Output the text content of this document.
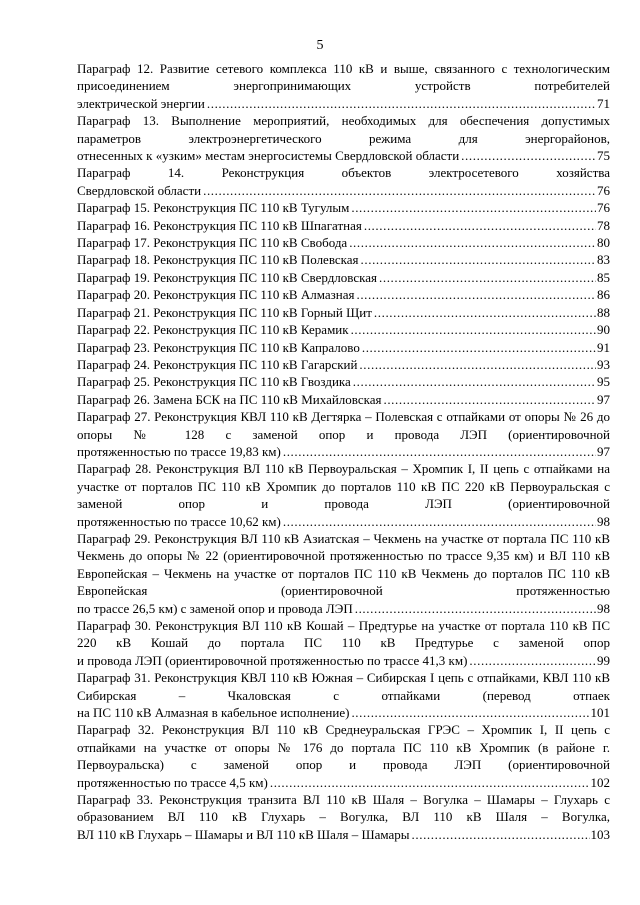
5
Параграф 12. Развитие сетевого комплекса 110 кВ и выше, связанного с технологическим присоединением энергопринимающих устройств потребителей
электрической энергии .....	71
Параграф 13. Выполнение мероприятий, необходимых для обеспечения допустимых параметров электроэнергетического режима для энергорайонов,
отнесенных к «узким» местам энергосистемы Свердловской области .....	75
Параграф 14. Реконструкция объектов электросетевого хозяйства
Свердловской области .....	76
Параграф 15. Реконструкция ПС 110 кВ Тугулым .....	76
Параграф 16. Реконструкция ПС 110 кВ Шпагатная .....	78
Параграф 17. Реконструкция ПС 110 кВ Свобода .....	80
Параграф 18. Реконструкция ПС 110 кВ Полевская .....	83
Параграф 19. Реконструкция ПС 110 кВ Свердловская .....	85
Параграф 20. Реконструкция ПС 110 кВ Алмазная .....	86
Параграф 21. Реконструкция ПС 110 кВ Горный Щит .....	88
Параграф 22. Реконструкция ПС 110 кВ Керамик .....	90
Параграф 23. Реконструкция ПС 110 кВ Капралово .....	91
Параграф 24. Реконструкция ПС 110 кВ Гагарский .....	93
Параграф 25. Реконструкция ПС 110 кВ Гвоздика .....	95
Параграф 26. Замена БСК на ПС 110 кВ Михайловская .....	97
Параграф 27. Реконструкция КВЛ 110 кВ Дегтярка – Полевская с отпайками от опоры № 26 до опоры № 128 с заменой опор и провода ЛЭП (ориентировочной
протяженностью по трассе 19,83 км) .....	97
Параграф 28. Реконструкция ВЛ 110 кВ Первоуральская – Хромпик I, II цепь с отпайками на участке от порталов ПС 110 кВ Хромпик до порталов 110 кВ ПС 220 кВ Первоуральская с заменой опор и провода ЛЭП (ориентировочной
протяженностью по трассе 10,62 км) .....	98
Параграф 29. Реконструкция ВЛ 110 кВ Азиатская – Чекмень на участке от портала ПС 110 кВ Чекмень до опоры № 22 (ориентировочной протяженностью по трассе 9,35 км) и ВЛ 110 кВ Европейская – Чекмень на участке от порталов ПС 110 кВ Чекмень до порталов ПС 110 кВ Европейская (ориентировочной протяженностью
по трассе 26,5 км) с заменой опор и провода ЛЭП .....	98
Параграф 30. Реконструкция ВЛ 110 кВ Кошай – Предтурье на участке от портала 110 кВ ПС 220 кВ Кошай до портала ПС 110 кВ Предтурье с заменой опор
и провода ЛЭП (ориентировочной протяженностью по трассе 41,3 км) .....	99
Параграф 31. Реконструкция КВЛ 110 кВ Южная – Сибирская I цепь с отпайками, КВЛ 110 кВ Сибирская – Чкаловская с отпайками (перевод отпаек
на ПС 110 кВ Алмазная в кабельное исполнение) .....	101
Параграф 32. Реконструкция ВЛ 110 кВ Среднеуральская ГРЭС – Хромпик I, II цепь с отпайками на участке от опоры № 176 до портала ПС 110 кВ Хромпик (в районе г. Первоуральска) с заменой опор и провода ЛЭП (ориентировочной
протяженностью по трассе 4,5 км) .....	102
Параграф 33. Реконструкция транзита ВЛ 110 кВ Шаля – Вогулка – Шамары – Глухарь с образованием ВЛ 110 кВ Глухарь – Вогулка, ВЛ 110 кВ Шаля – Вогулка,
ВЛ 110 кВ Глухарь – Шамары и ВЛ 110 кВ Шаля – Шамары .....	103
